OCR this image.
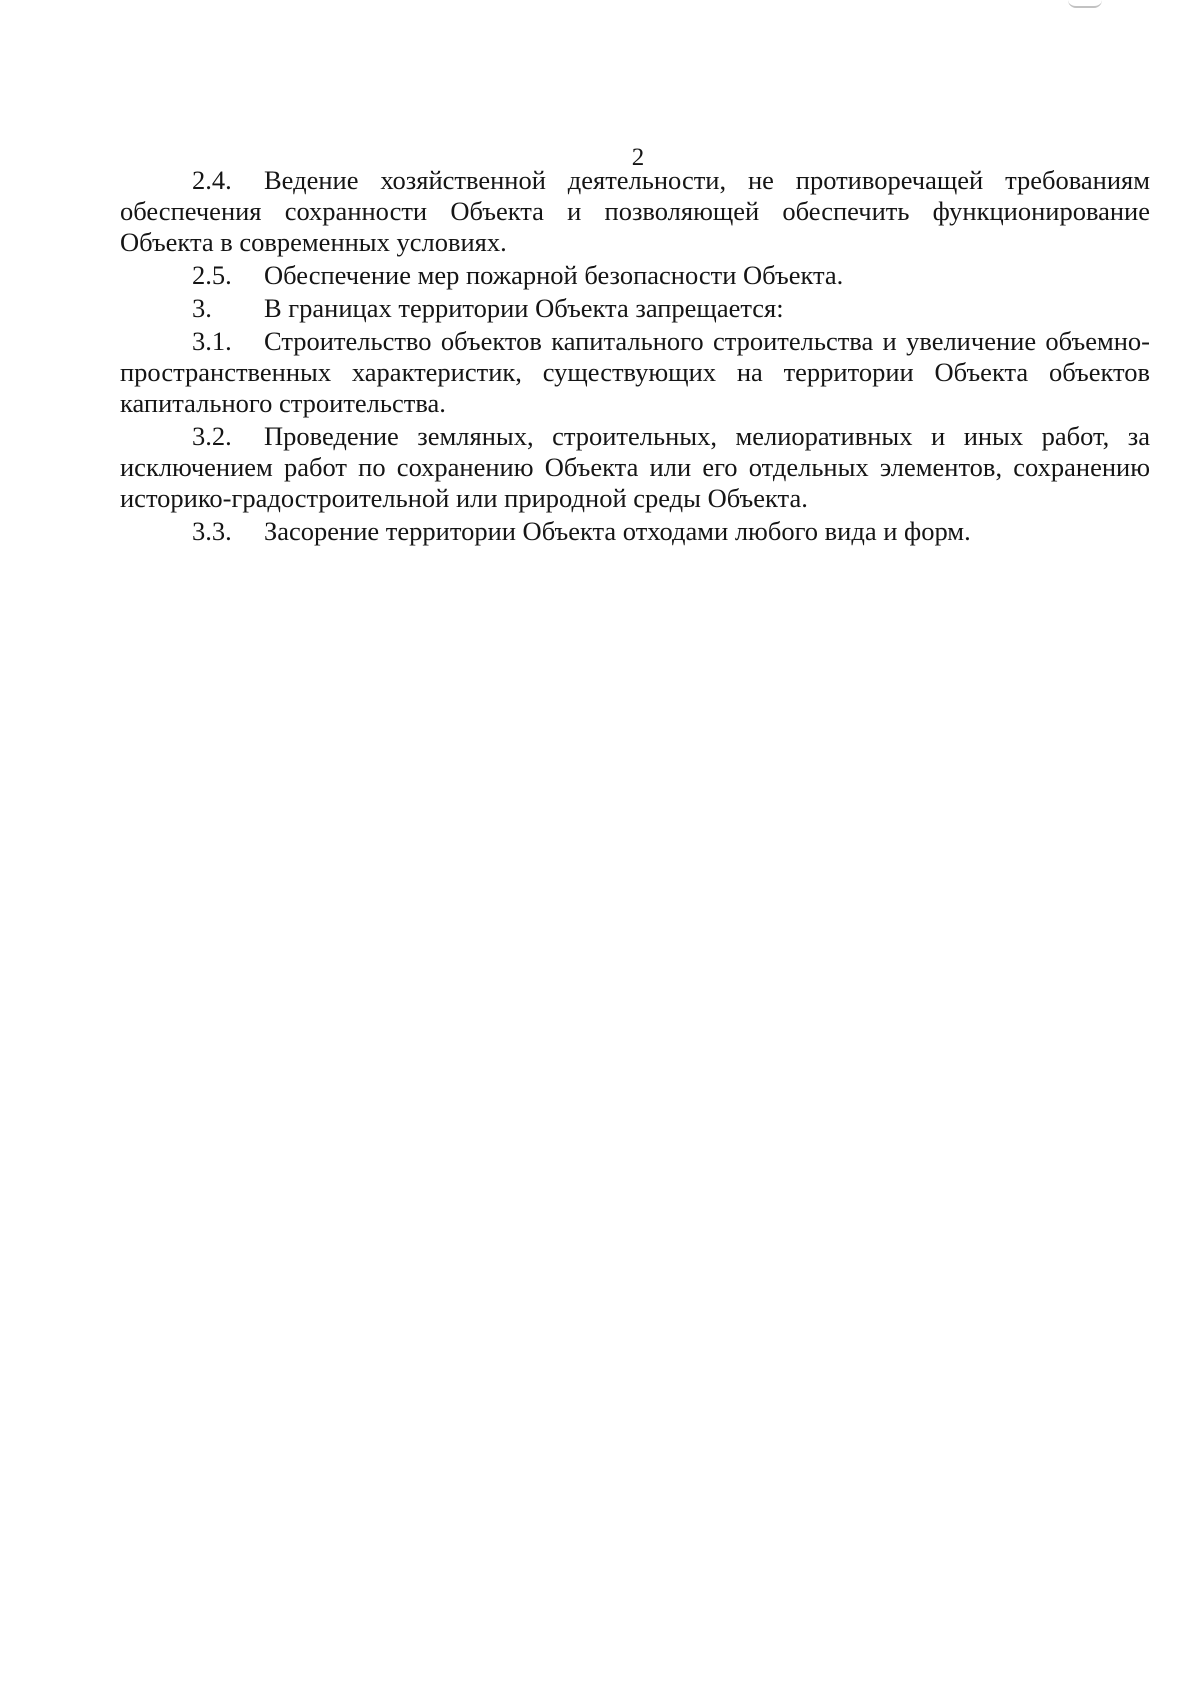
2

2.4. Ведение хозяйственной деятельности, не противоречащей требованиям обеспечения сохранности Объекта и позволяющей обеспечить функционирование Объекта в современных условиях.

2.5. Обеспечение мер пожарной безопасности Объекта.

3. В границах территории Объекта запрещается:

3.1. Строительство объектов капитального строительства и увеличение объемно-пространственных характеристик, существующих на территории Объекта объектов капитального строительства.

3.2. Проведение земляных, строительных, мелиоративных и иных работ, за исключением работ по сохранению Объекта или его отдельных элементов, сохранению историко-градостроительной или природной среды Объекта.

3.3. Засорение территории Объекта отходами любого вида и форм.
